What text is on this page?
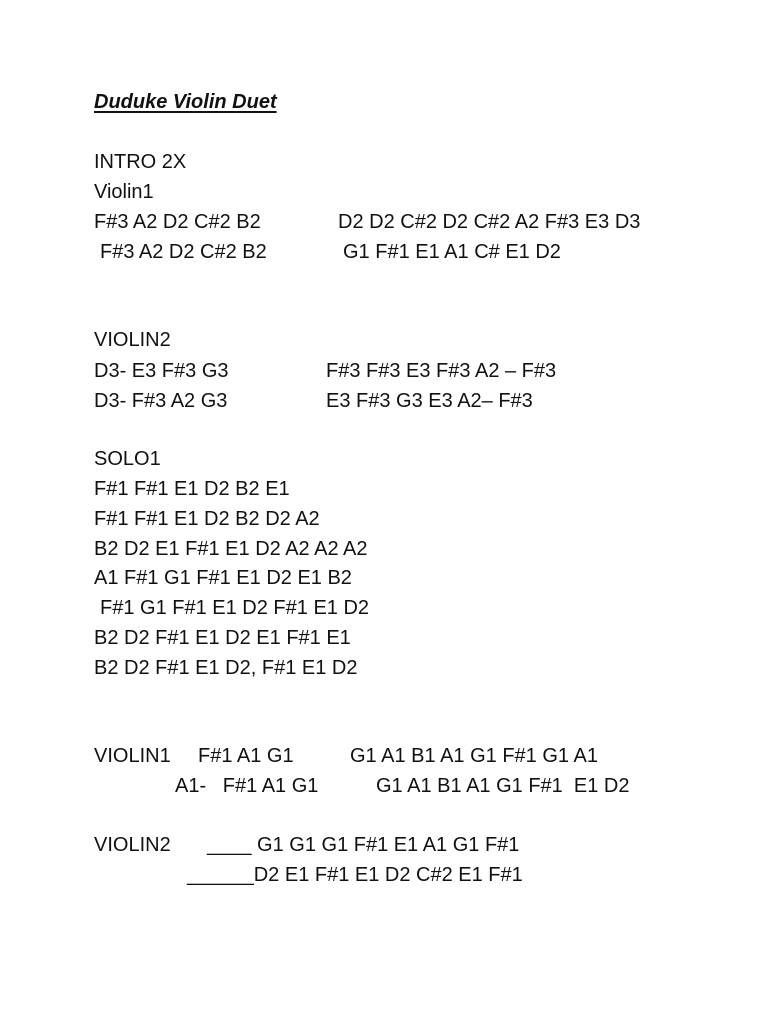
Duduke Violin Duet
INTRO 2X
Violin1
F#3 A2 D2 C#2 B2	D2 D2 C#2 D2 C#2 A2 F#3 E3 D3
F#3 A2 D2 C#2 B2	G1 F#1 E1 A1 C# E1 D2
VIOLIN2
D3- E3 F#3 G3	F#3 F#3 E3 F#3 A2 – F#3
D3- F#3 A2 G3	E3 F#3 G3 E3 A2– F#3
SOLO1
F#1 F#1 E1 D2 B2 E1
F#1 F#1 E1 D2 B2 D2 A2
B2 D2 E1 F#1 E1 D2 A2 A2 A2
A1 F#1 G1 F#1 E1 D2 E1 B2
F#1 G1 F#1 E1 D2 F#1 E1 D2
B2 D2 F#1 E1 D2 E1 F#1 E1
B2 D2 F#1 E1 D2, F#1 E1 D2
VIOLIN1 F#1 A1 G1	G1 A1 B1 A1 G1 F#1 G1 A1
A1-   F#1 A1 G1	G1 A1 B1 A1 G1 F#1  E1 D2
VIOLIN2 ____ G1 G1 G1 F#1 E1 A1 G1 F#1
______D2 E1 F#1 E1 D2 C#2 E1 F#1
